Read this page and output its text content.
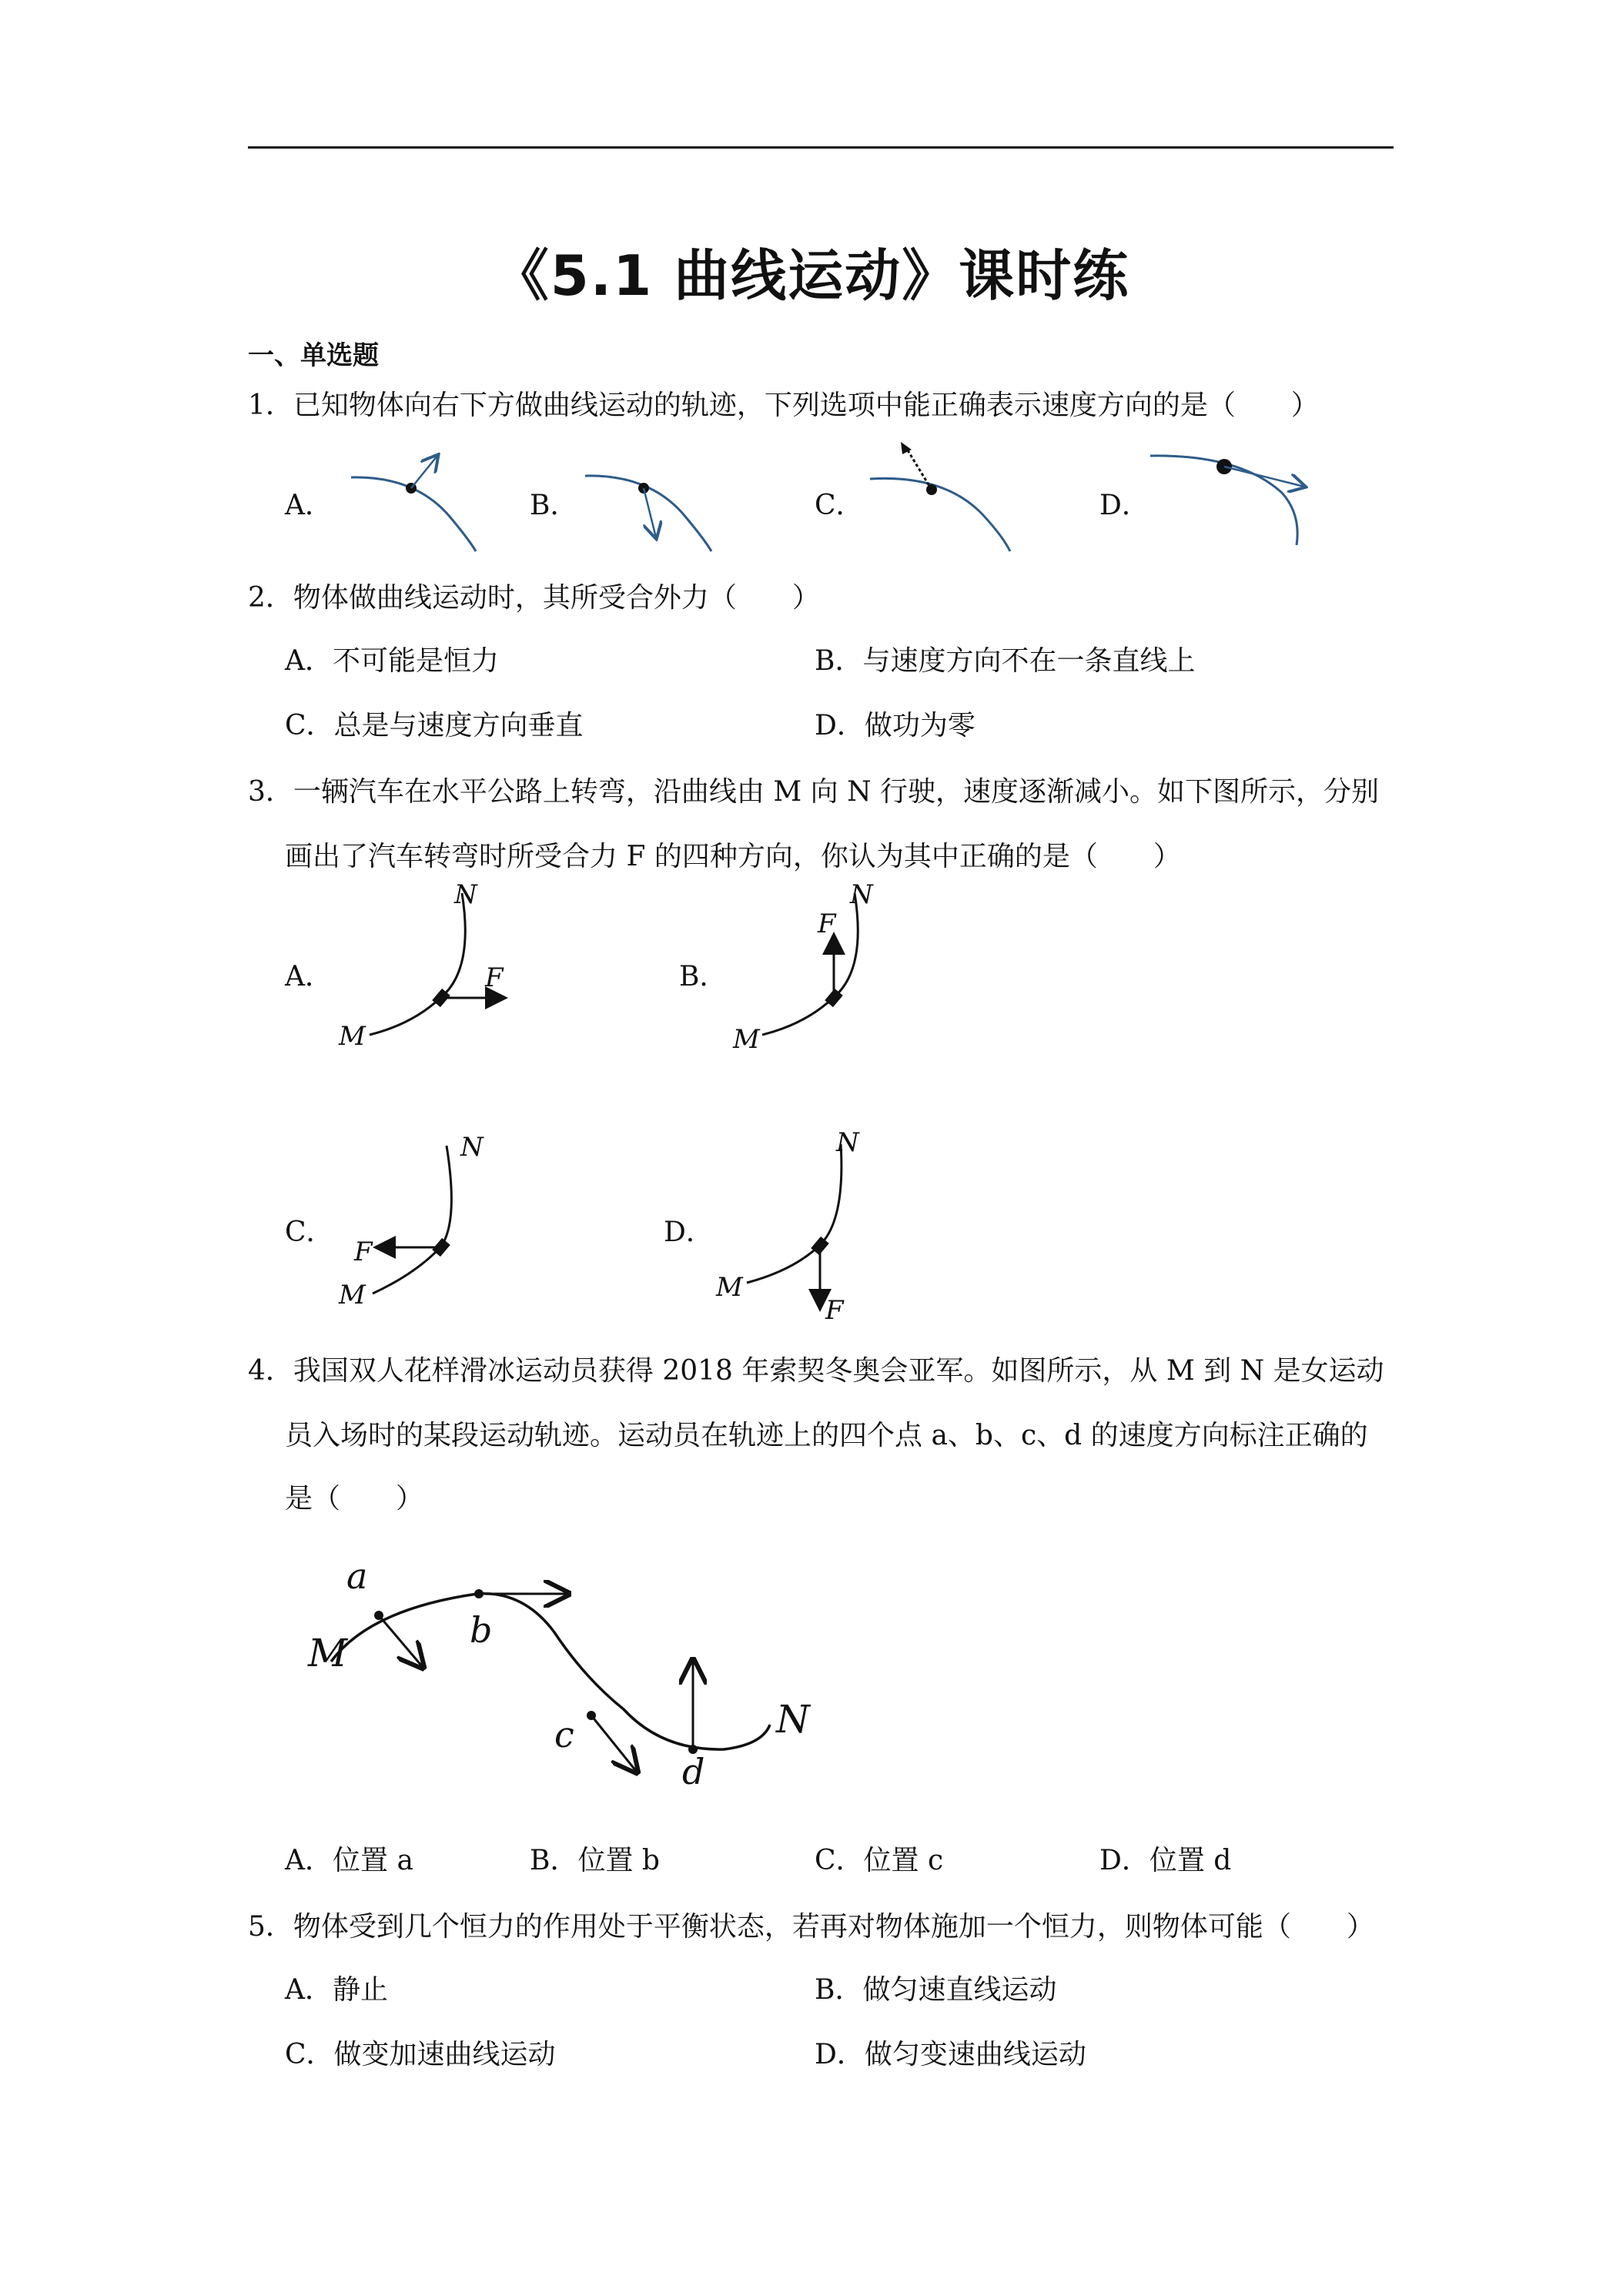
《5.1 曲线运动》课时练
一、单选题
1．已知物体向右下方做曲线运动的轨迹，下列选项中能正确表示速度方向的是（　　）
A．	B．	C．	D．
2．物体做曲线运动时，其所受合外力（　　）
A．不可能是恒力	B．与速度方向不在一条直线上
C．总是与速度方向垂直	D．做功为零
3．一辆汽车在水平公路上转弯，沿曲线由 M 向 N 行驶，速度逐渐减小。如下图所示，分别
画出了汽车转弯时所受合力 F 的四种方向，你认为其中正确的是（　　）
A．	B．
C．	D．
N
F
M
N
F
M
N
F
M
N
M
F
4．我国双人花样滑冰运动员获得 2018 年索契冬奥会亚军。如图所示，从 M 到 N 是女运动
员入场时的某段运动轨迹。运动员在轨迹上的四个点 a、b、c、d 的速度方向标注正确的
是（　　）
a
M
b
c
d
N
A．位置 a	B．位置 b	C．位置 c	D．位置 d
5．物体受到几个恒力的作用处于平衡状态，若再对物体施加一个恒力，则物体可能（　　）
A．静止	B．做匀速直线运动
C．做变加速曲线运动	D．做匀变速曲线运动
